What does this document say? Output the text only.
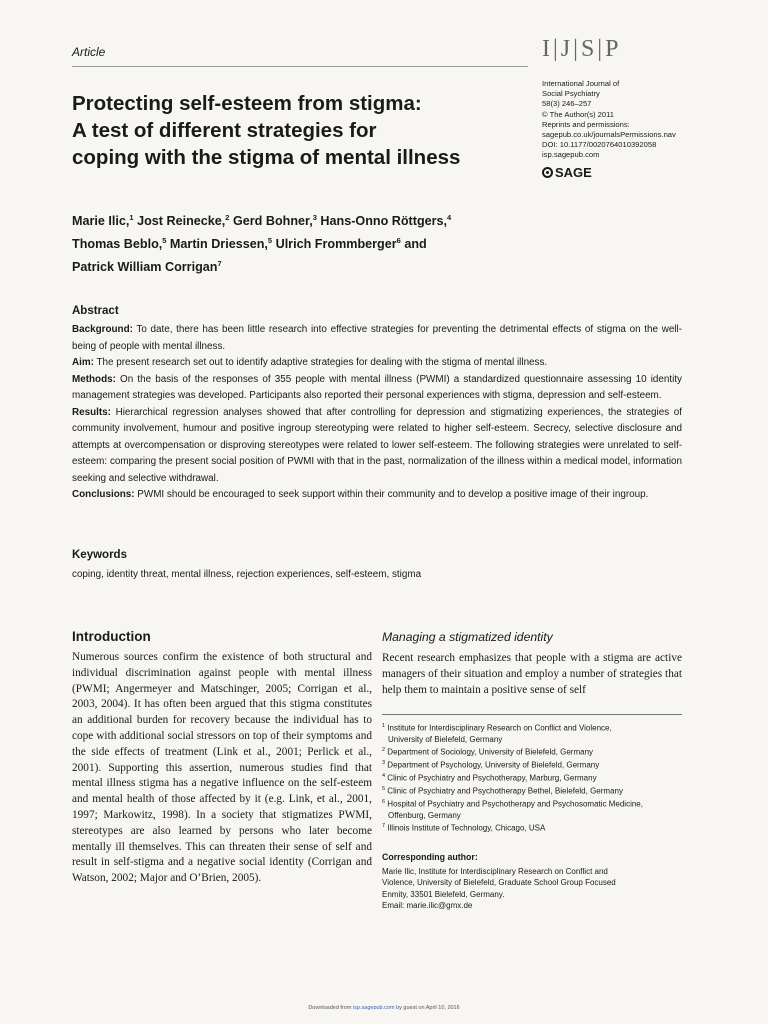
Article	I|J|S|P
Protecting self-esteem from stigma:
A test of different strategies for
coping with the stigma of mental illness
International Journal of
Social Psychiatry
58(3) 246–257
© The Author(s) 2011
Reprints and permissions:
sagepub.co.uk/journalsPermissions.nav
DOI: 10.1177/0020764010392058
isp.sagepub.com
SAGE
Marie Ilic,$^1$ Jost Reinecke,$^2$ Gerd Bohner,$^3$ Hans-Onno Röttgers,$^4$
Thomas Beblo,$^5$ Martin Driessen,$^5$ Ulrich Frommberger$^6$ and
Patrick William Corrigan$^7$
Abstract

Background: To date, there has been little research into effective strategies for preventing the detrimental effects of stigma on the well-being of people with mental illness.

Aim: The present research set out to identify adaptive strategies for dealing with the stigma of mental illness.

Methods: On the basis of the responses of 355 people with mental illness (PWMI) a standardized questionnaire assessing 10 identity management strategies was developed. Participants also reported their personal experiences with stigma, depression and self-esteem.

Results: Hierarchical regression analyses showed that after controlling for depression and stigmatizing experiences, the strategies of community involvement, humour and positive ingroup stereotyping were related to higher self-esteem. Secrecy, selective disclosure and attempts at overcompensation or disproving stereotypes were related to lower self-esteem. The following strategies were unrelated to self-esteem: comparing the present social position of PWMI with that in the past, normalization of the illness within a medical model, information seeking and selective withdrawal.

Conclusions: PWMI should be encouraged to seek support within their community and to develop a positive image of their ingroup.

Keywords
coping, identity threat, mental illness, rejection experiences, self-esteem, stigma
Introduction
Numerous sources confirm the existence of both structural and individual discrimination against people with mental illness (PWMI; Angermeyer and Matschinger, 2005; Corrigan et al., 2003, 2004). It has often been argued that this stigma constitutes an additional burden for recovery because the individual has to cope with additional social stressors on top of their symptoms and the side effects of treatment (Link et al., 2001; Perlick et al., 2001). Supporting this assertion, numerous studies find that mental illness stigma has a negative influence on the self-esteem and mental health of those affected by it (e.g. Link, et al., 2001, 1997; Markowitz, 1998). In a society that stigmatizes PWMI, stereotypes are also learned by persons who later become mentally ill themselves. This can threaten their sense of self and result in self-stigma and a negative social identity (Corrigan and Watson, 2002; Major and O’Brien, 2005).
Managing a stigmatized identity
Recent research emphasizes that people with a stigma are active managers of their situation and employ a number of strategies that help them to maintain a positive sense of self
$^1$ Institute for Interdisciplinary Research on Conflict and Violence,
University of Bielefeld, Germany
$^2$ Department of Sociology, University of Bielefeld, Germany
$^3$ Department of Psychology, University of Bielefeld, Germany
$^4$ Clinic of Psychiatry and Psychotherapy, Marburg, Germany
$^5$ Clinic of Psychiatry and Psychotherapy Bethel, Bielefeld, Germany
$^6$ Hospital of Psychiatry and Psychotherapy and Psychosomatic Medicine,
Offenburg, Germany
$^7$ Illinois Institute of Technology, Chicago, USA
Corresponding author:
Marie Ilic, Institute for Interdisciplinary Research on Conflict and
Violence, University of Bielefeld, Graduate School Group Focused
Enmity, 33501 Bielefeld, Germany.
Email: marie.ilic@gmx.de
Downloaded from isp.sagepub.com by guest on April 10, 2016
